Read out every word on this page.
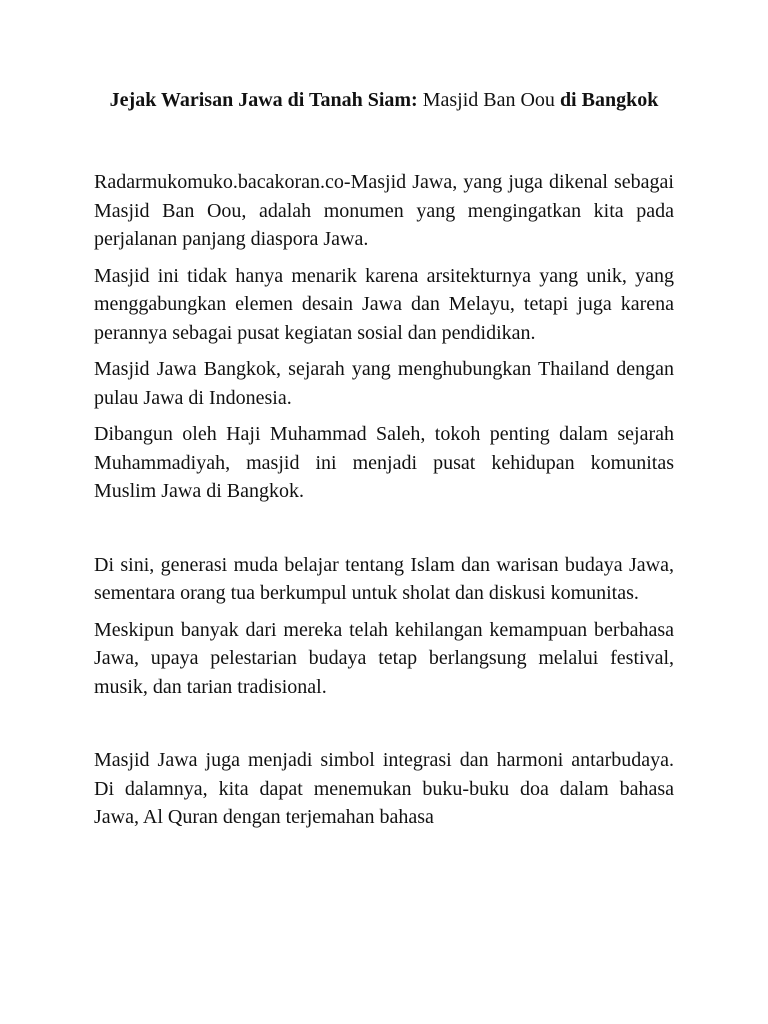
Jejak Warisan Jawa di Tanah Siam: Masjid Ban Oou di Bangkok

Radarmukomuko.bacakoran.co-Masjid Jawa, yang juga dikenal sebagai Masjid Ban Oou, adalah monumen yang mengingatkan kita pada perjalanan panjang diaspora Jawa.

Masjid ini tidak hanya menarik karena arsitekturnya yang unik, yang menggabungkan elemen desain Jawa dan Melayu, tetapi juga karena perannya sebagai pusat kegiatan sosial dan pendidikan.

Masjid Jawa Bangkok, sejarah yang menghubungkan Thailand dengan pulau Jawa di Indonesia.

Dibangun oleh Haji Muhammad Saleh, tokoh penting dalam sejarah Muhammadiyah, masjid ini menjadi pusat kehidupan komunitas Muslim Jawa di Bangkok.

Di sini, generasi muda belajar tentang Islam dan warisan budaya Jawa, sementara orang tua berkumpul untuk sholat dan diskusi komunitas.

Meskipun banyak dari mereka telah kehilangan kemampuan berbahasa Jawa, upaya pelestarian budaya tetap berlangsung melalui festival, musik, dan tarian tradisional.

Masjid Jawa juga menjadi simbol integrasi dan harmoni antarbudaya. Di dalamnya, kita dapat menemukan buku-buku doa dalam bahasa Jawa, Al Quran dengan terjemahan bahasa
